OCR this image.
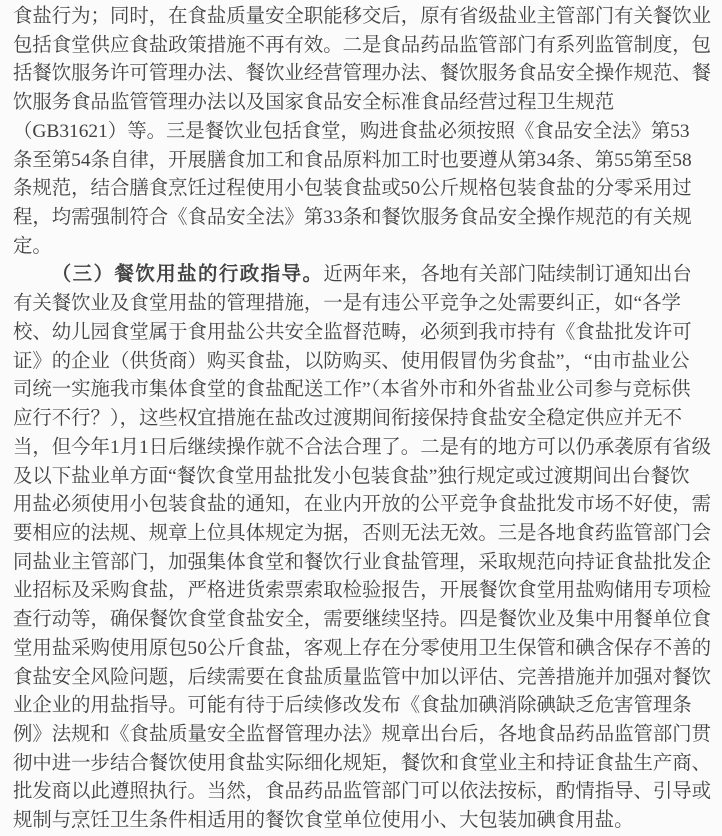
食盐行为；同时，在食盐质量安全职能移交后，原有省级盐业主管部门有关餐饮业
包括食堂供应食盐政策措施不再有效。二是食品药品监管部门有系列监管制度，包
括餐饮服务许可管理办法、餐饮业经营管理办法、餐饮服务食品安全操作规范、餐
饮服务食品监管管理办法以及国家食品安全标准食品经营过程卫生规范
（GB31621）等。三是餐饮业包括食堂，购进食盐必须按照《食品安全法》第53
条至第54条自律，开展膳食加工和食品原料加工时也要遵从第34条、第55第至58
条规范，结合膳食烹饪过程使用小包装食盐或50公斤规格包装食盐的分零采用过
程，均需强制符合《食品安全法》第33条和餐饮服务食品安全操作规范的有关规
定。
（三）餐饮用盐的行政指导。近两年来，各地有关部门陆续制订通知出台
有关餐饮业及食堂用盐的管理措施，一是有违公平竞争之处需要纠正，如“各学
校、幼儿园食堂属于食用盐公共安全监督范畴，必须到我市持有《食盐批发许可
证》的企业（供货商）购买食盐，以防购买、使用假冒伪劣食盐”，“由市盐业公
司统一实施我市集体食堂的食盐配送工作”（本省外市和外省盐业公司参与竞标供
应行不行？），这些权宜措施在盐改过渡期间衔接保持食盐安全稳定供应并无不
当，但今年1月1日后继续操作就不合法合理了。二是有的地方可以仍承袭原有省级
及以下盐业单方面“餐饮食堂用盐批发小包装食盐”独行规定或过渡期间出台餐饮
用盐必须使用小包装食盐的通知，在业内开放的公平竞争食盐批发市场不好使，需
要相应的法规、规章上位具体规定为据，否则无法无效。三是各地食药监管部门会
同盐业主管部门，加强集体食堂和餐饮行业食盐管理，采取规范向持证食盐批发企
业招标及采购食盐，严格进货索票索取检验报告，开展餐饮食堂用盐购储用专项检
查行动等，确保餐饮食堂食盐安全，需要继续坚持。四是餐饮业及集中用餐单位食
堂用盐采购使用原包50公斤食盐，客观上存在分零使用卫生保管和碘含保存不善的
食盐安全风险问题，后续需要在食盐质量监管中加以评估、完善措施并加强对餐饮
业企业的用盐指导。可能有待于后续修改发布《食盐加碘消除碘缺乏危害管理条
例》法规和《食盐质量安全监督管理办法》规章出台后，各地食品药品监管部门贯
彻中进一步结合餐饮使用食盐实际细化规矩，餐饮和食堂业主和持证食盐生产商、
批发商以此遵照执行。当然，食品药品监管部门可以依法按标，酌情指导、引导或
规制与烹饪卫生条件相适用的餐饮食堂单位使用小、大包装加碘食用盐。
